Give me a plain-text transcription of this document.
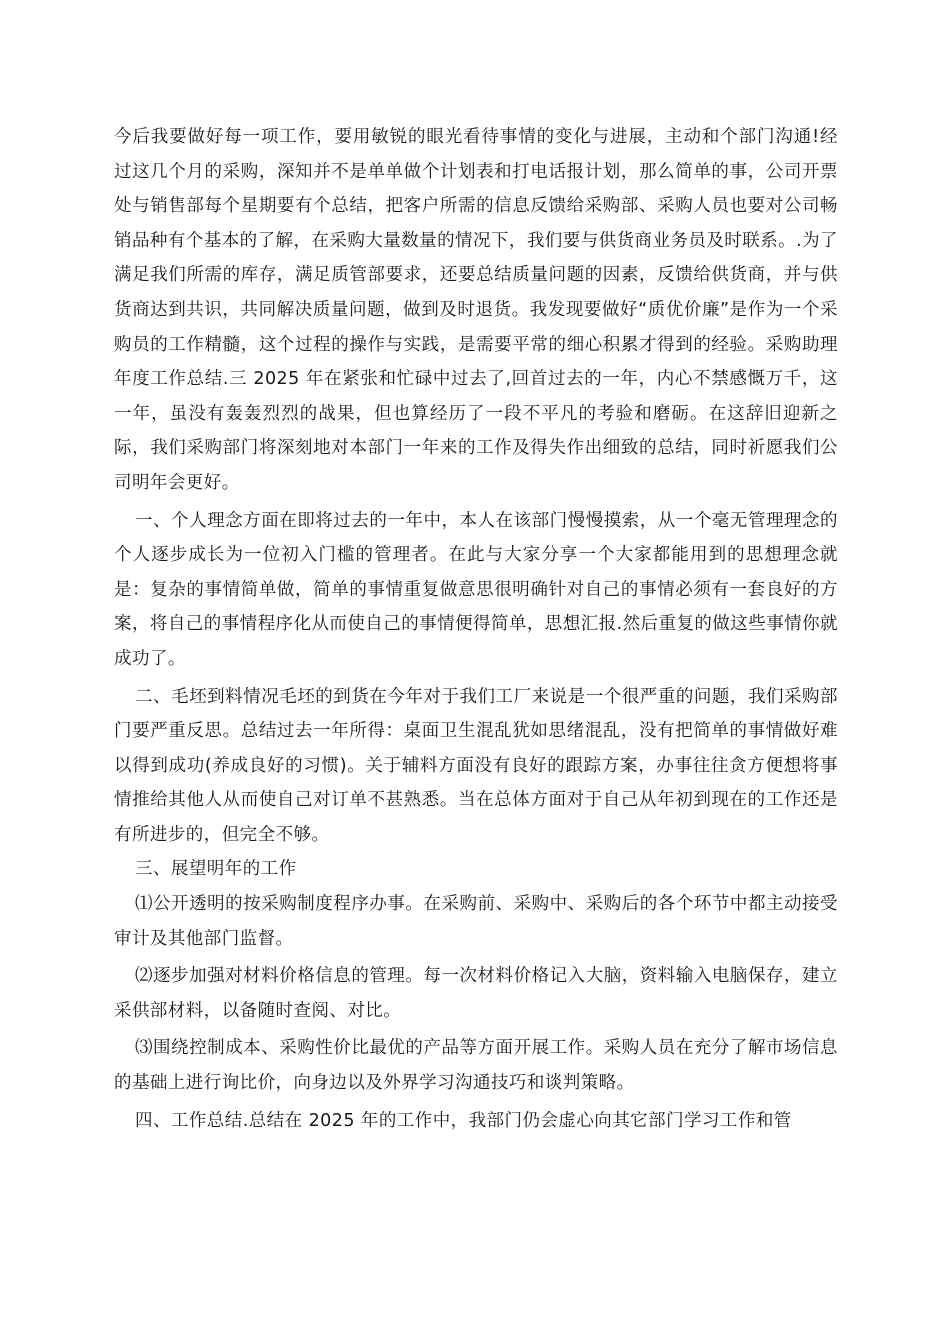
今后我要做好每一项工作，要用敏锐的眼光看待事情的变化与进展，主动和个部门沟通!经过这几个月的采购，深知并不是单单做个计划表和打电话报计划，那么简单的事，公司开票处与销售部每个星期要有个总结，把客户所需的信息反馈给采购部、采购人员也要对公司畅销品种有个基本的了解，在采购大量数量的情况下，我们要与供货商业务员及时联系。.为了满足我们所需的库存，满足质管部要求，还要总结质量问题的因素，反馈给供货商，并与供货商达到共识，共同解决质量问题，做到及时退货。我发现要做好“质优价廉”是作为一个采购员的工作精髓，这个过程的操作与实践，是需要平常的细心积累才得到的经验。采购助理年度工作总结.三 2025 年在紧张和忙碌中过去了,回首过去的一年，内心不禁感慨万千，这一年，虽没有轰轰烈烈的战果，但也算经历了一段不平凡的考验和磨砺。在这辞旧迎新之际，我们采购部门将深刻地对本部门一年来的工作及得失作出细致的总结，同时祈愿我们公司明年会更好。

一、个人理念方面在即将过去的一年中，本人在该部门慢慢摸索，从一个毫无管理理念的个人逐步成长为一位初入门槛的管理者。在此与大家分享一个大家都能用到的思想理念就是：复杂的事情简单做，简单的事情重复做意思很明确针对自己的事情必须有一套良好的方案，将自己的事情程序化从而使自己的事情便得简单，思想汇报.然后重复的做这些事情你就成功了。

二、毛坯到料情况毛坯的到货在今年对于我们工厂来说是一个很严重的问题，我们采购部门要严重反思。总结过去一年所得：桌面卫生混乱犹如思绪混乱，没有把简单的事情做好难以得到成功(养成良好的习惯)。关于辅料方面没有良好的跟踪方案，办事往往贪方便想将事情推给其他人从而使自己对订单不甚熟悉。当在总体方面对于自己从年初到现在的工作还是有所进步的，但完全不够。

三、展望明年的工作

⑴公开透明的按采购制度程序办事。在采购前、采购中、采购后的各个环节中都主动接受审计及其他部门监督。

⑵逐步加强对材料价格信息的管理。每一次材料价格记入大脑，资料输入电脑保存，建立采供部材料，以备随时查阅、对比。

⑶围绕控制成本、采购性价比最优的产品等方面开展工作。采购人员在充分了解市场信息的基础上进行询比价，向身边以及外界学习沟通技巧和谈判策略。

四、工作总结.总结在 2025 年的工作中，我部门仍会虚心向其它部门学习工作和管
